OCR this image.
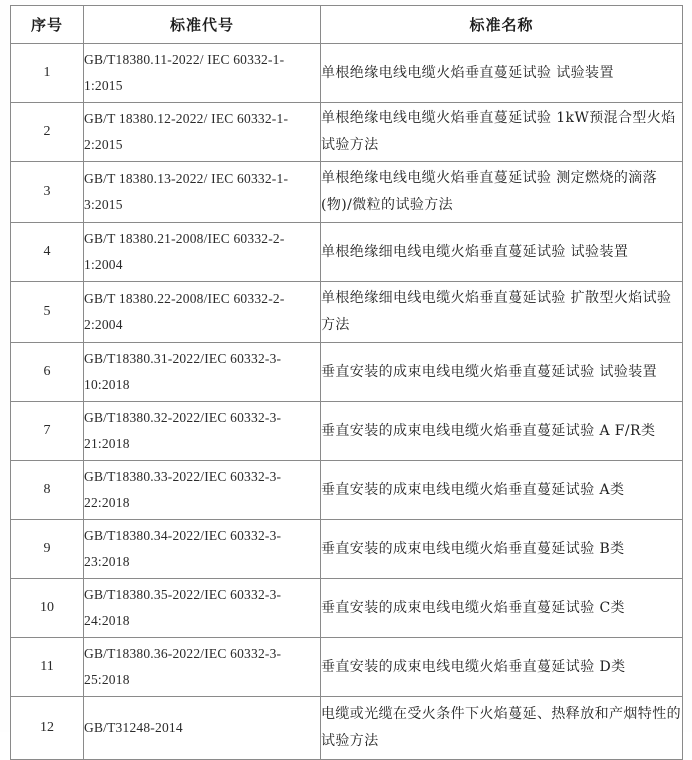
序号	标准代号	标准名称
1	GB/T18380.11-2022/ IEC 60332-1-1:2015	单根绝缘电线电缆火焰垂直蔓延试验 试验装置
2	GB/T 18380.12-2022/ IEC 60332-1-2:2015	单根绝缘电线电缆火焰垂直蔓延试验 1kW预混合型火焰试验方法
3	GB/T 18380.13-2022/ IEC 60332-1-3:2015	单根绝缘电线电缆火焰垂直蔓延试验 测定燃烧的滴落(物)/微粒的试验方法
4	GB/T 18380.21-2008/IEC 60332-2-1:2004	单根绝缘细电线电缆火焰垂直蔓延试验 试验装置
5	GB/T 18380.22-2008/IEC 60332-2-2:2004	单根绝缘细电线电缆火焰垂直蔓延试验 扩散型火焰试验方法
6	GB/T18380.31-2022/IEC 60332-3-10:2018	垂直安装的成束电线电缆火焰垂直蔓延试验 试验装置
7	GB/T18380.32-2022/IEC 60332-3-21:2018	垂直安装的成束电线电缆火焰垂直蔓延试验 A F/R类
8	GB/T18380.33-2022/IEC 60332-3-22:2018	垂直安装的成束电线电缆火焰垂直蔓延试验 A类
9	GB/T18380.34-2022/IEC 60332-3-23:2018	垂直安装的成束电线电缆火焰垂直蔓延试验 B类
10	GB/T18380.35-2022/IEC 60332-3-24:2018	垂直安装的成束电线电缆火焰垂直蔓延试验 C类
11	GB/T18380.36-2022/IEC 60332-3-25:2018	垂直安装的成束电线电缆火焰垂直蔓延试验 D类
12	GB/T31248-2014	电缆或光缆在受火条件下火焰蔓延、热释放和产烟特性的试验方法
